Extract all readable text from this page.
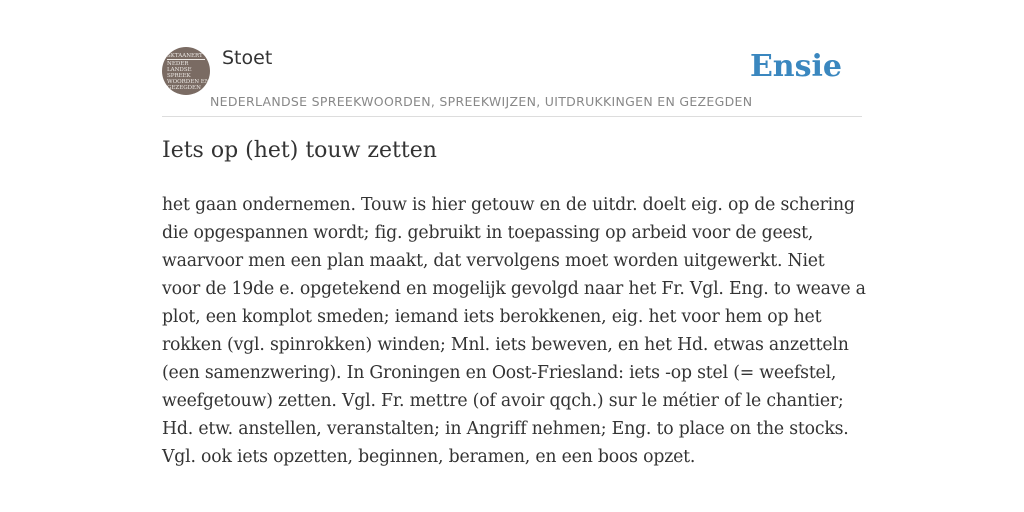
SKTAANERT
NEDER
LANDSE
SPREEK
WOORDEN EN
GEZEGDEN
Stoet
NEDERLANDSE SPREEKWOORDEN, SPREEKWIJZEN, UITDRUKKINGEN EN GEZEGDEN
Ensie
Iets op (het) touw zetten
het gaan ondernemen. Touw is hier getouw en de uitdr. doelt eig. op de schering
die opgespannen wordt; fig. gebruikt in toepassing op arbeid voor de geest,
waarvoor men een plan maakt, dat vervolgens moet worden uitgewerkt. Niet
voor de 19de e. opgetekend en mogelijk gevolgd naar het Fr. Vgl. Eng. to weave a
plot, een komplot smeden; iemand iets berokkenen, eig. het voor hem op het
rokken (vgl. spinrokken) winden; Mnl. iets beweven, en het Hd. etwas anzetteln
(een samenzwering). In Groningen en Oost-Friesland: iets -op stel (= weefstel,
weefgetouw) zetten. Vgl. Fr. mettre (of avoir qqch.) sur le métier of le chantier;
Hd. etw. anstellen, veranstalten; in Angriff nehmen; Eng. to place on the stocks.
Vgl. ook iets opzetten, beginnen, beramen, en een boos opzet.
